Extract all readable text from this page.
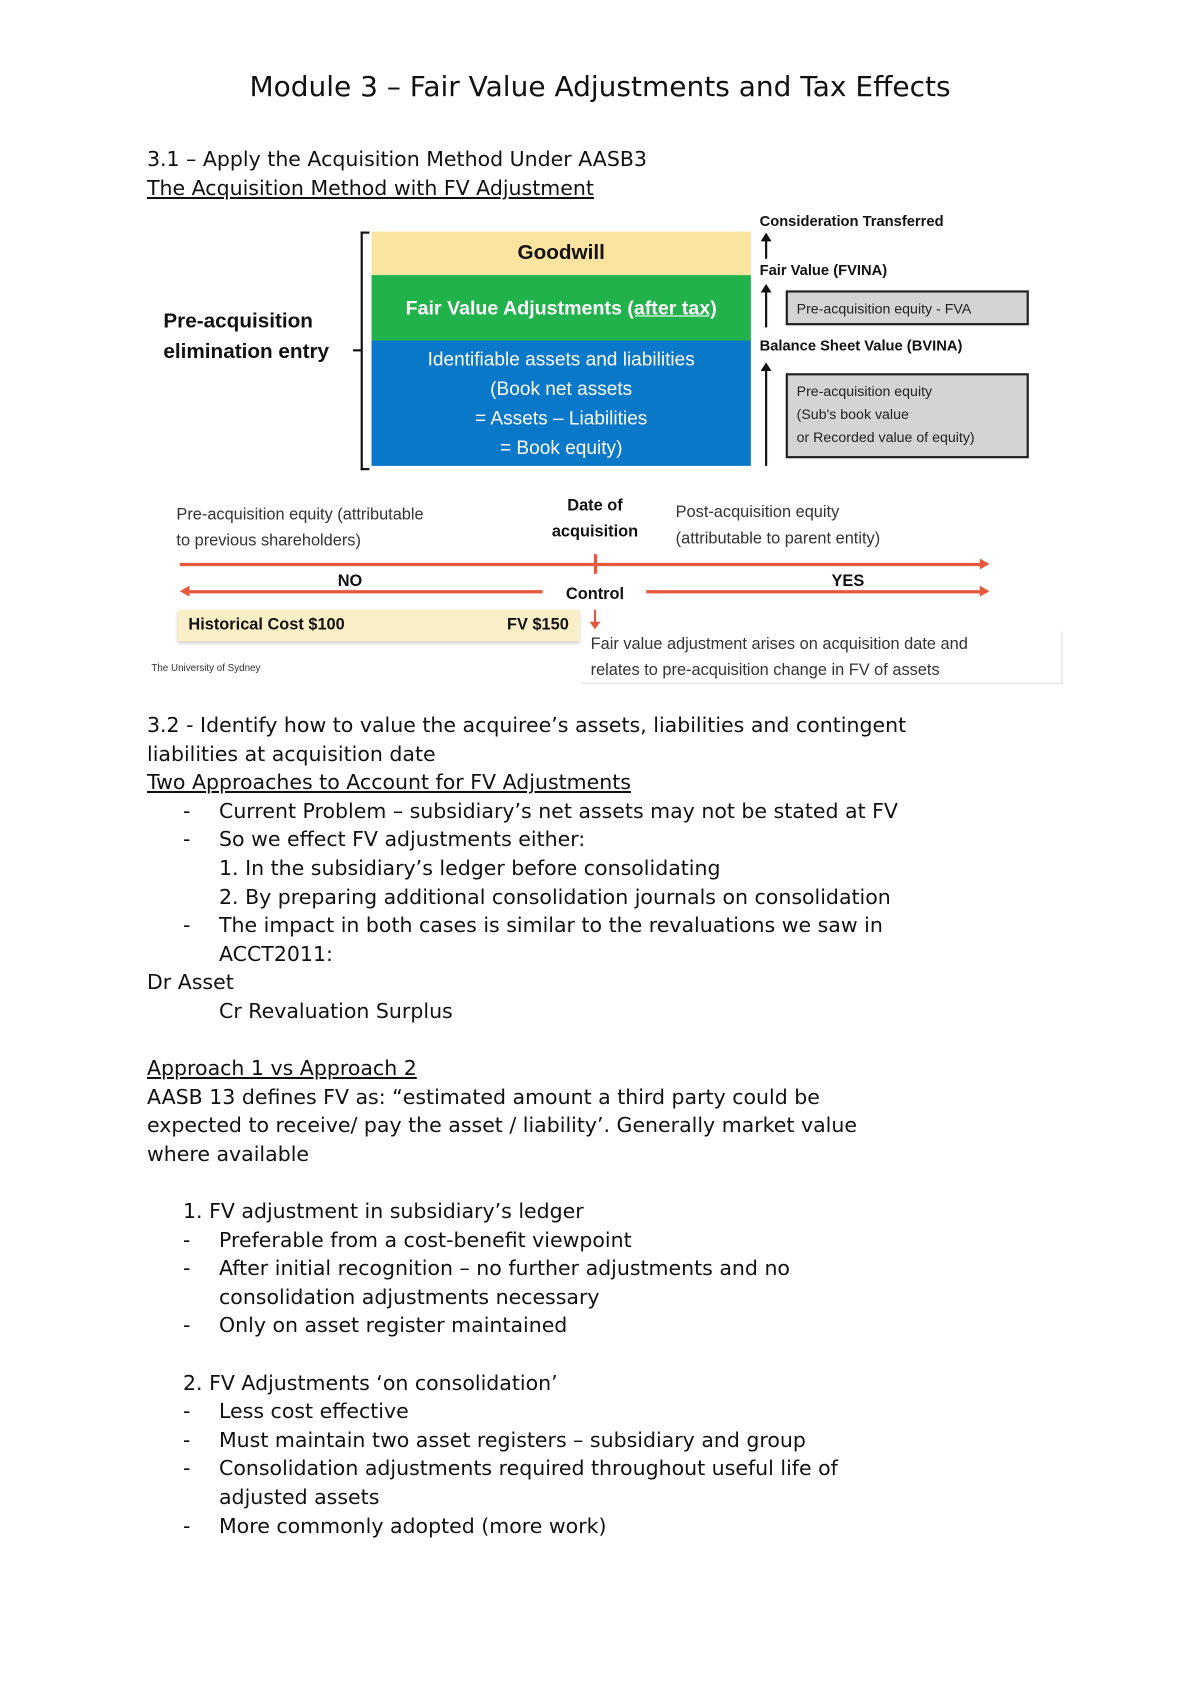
Module 3 – Fair Value Adjustments and Tax Effects
3.1 – Apply the Acquisition Method Under AASB3
The Acquisition Method with FV Adjustment
Pre-acquisition
elimination entry
Goodwill
Fair Value Adjustments (after tax)
Identifiable assets and liabilities
(Book net assets
= Assets – Liabilities
= Book equity)
Consideration Transferred
Fair Value (FVINA)
Pre-acquisition equity - FVA
Balance Sheet Value (BVINA)
Pre-acquisition equity
(Sub's book value
or Recorded value of equity)
Pre-acquisition equity (attributable
to previous shareholders)
Date of
acquisition
Post-acquisition equity
(attributable to parent entity)
NO	YES
Control
Historical Cost $100	FV $150
Fair value adjustment arises on acquisition date and
relates to pre-acquisition change in FV of assets
The University of Sydney
3.2 - Identify how to value the acquiree’s assets, liabilities and contingent
liabilities at acquisition date
Two Approaches to Account for FV Adjustments
- Current Problem – subsidiary’s net assets may not be stated at FV
- So we effect FV adjustments either:
1. In the subsidiary’s ledger before consolidating
2. By preparing additional consolidation journals on consolidation
- The impact in both cases is similar to the revaluations we saw in
ACCT2011:
Dr Asset
Cr Revaluation Surplus
Approach 1 vs Approach 2
AASB 13 defines FV as: “estimated amount a third party could be
expected to receive/ pay the asset / liability’. Generally market value
where available
1. FV adjustment in subsidiary’s ledger
- Preferable from a cost-benefit viewpoint
- After initial recognition – no further adjustments and no
consolidation adjustments necessary
- Only on asset register maintained
2. FV Adjustments ‘on consolidation’
- Less cost effective
- Must maintain two asset registers – subsidiary and group
- Consolidation adjustments required throughout useful life of
adjusted assets
- More commonly adopted (more work)
